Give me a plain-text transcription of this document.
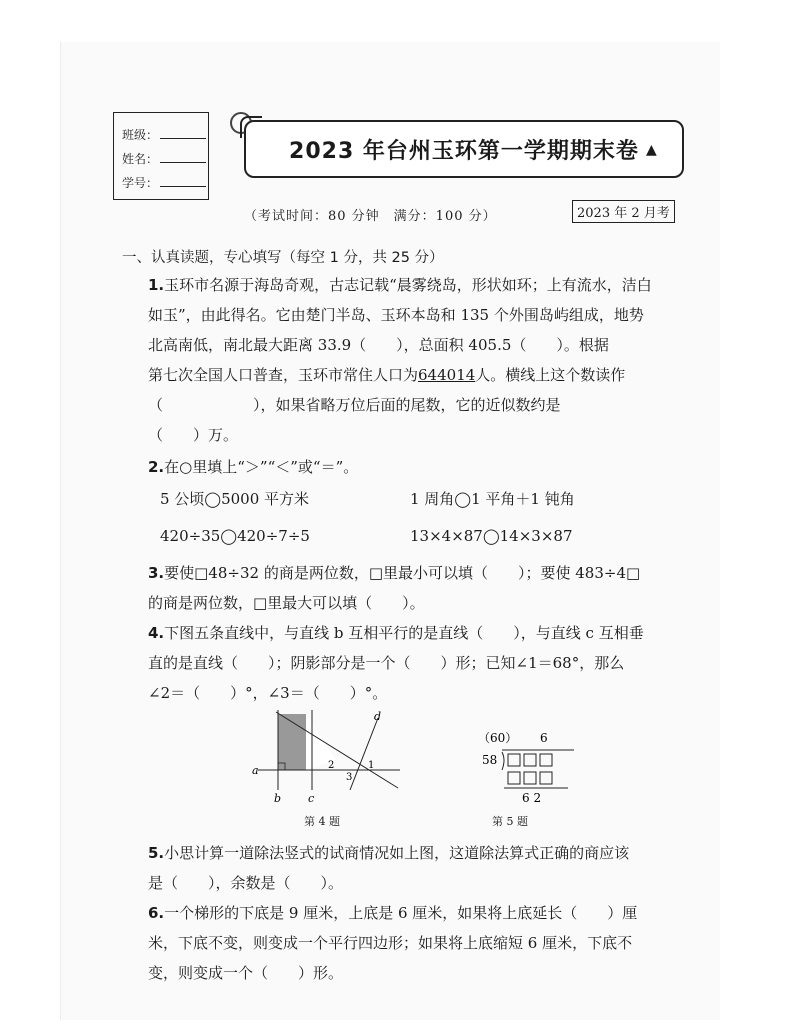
班级：
姓名：
学号：
2023 年台州玉环第一学期期末卷 ▲
（考试时间：80 分钟　满分：100 分）	2023 年 2 月考
一、认真读题，专心填写（每空 1 分，共 25 分）
1.玉环市名源于海岛奇观，古志记载“晨雾绕岛，形状如环；上有流水，洁白
如玉”，由此得名。它由楚门半岛、玉环本岛和 135 个外围岛屿组成，地势
北高南低，南北最大距离 33.9（　　），总面积 405.5（　　）。根据
第七次全国人口普查，玉环市常住人口为644014人。横线上这个数读作
（　　　　　　），如果省略万位后面的尾数，它的近似数约是
（　　）万。
2.在○里填上“＞”“＜”或“＝”。
5 公顷◯5000 平方米	1 周角◯1 平角＋1 钝角
420÷35◯420÷7÷5	13×4×87◯14×3×87
3.要使□48÷32 的商是两位数，□里最小可以填（　　）；要使 483÷4□
的商是两位数，□里最大可以填（　　）。
4.下图五条直线中，与直线 b 互相平行的是直线（　　），与直线 c 互相垂
直的是直线（　　）；阴影部分是一个（　　）形；已知∠1＝68°，那么
∠2＝（　　）°，∠3＝（　　）°。
a
b c
d
1
2
3
第 4 题
（60） 6
58
6 2
第 5 题
5.小思计算一道除法竖式的试商情况如上图，这道除法算式正确的商应该
是（　　），余数是（　　）。
6.一个梯形的下底是 9 厘米，上底是 6 厘米，如果将上底延长（　　）厘
米，下底不变，则变成一个平行四边形；如果将上底缩短 6 厘米，下底不
变，则变成一个（　　）形。
